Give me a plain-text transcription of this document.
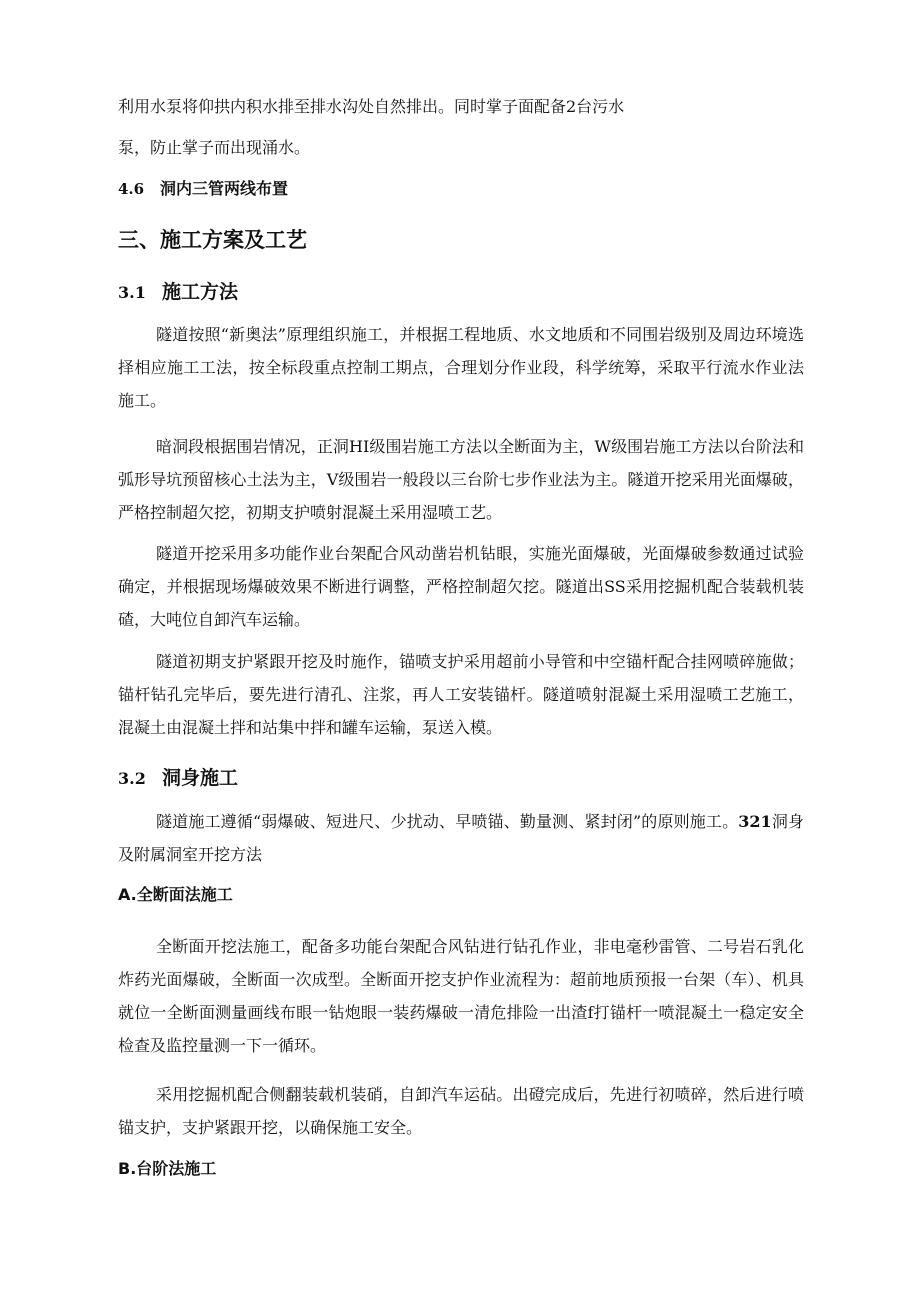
利用水泵将仰拱内积水排至排水沟处自然排出。同时掌子面配备2台污水

泵，防止掌子而出现涌水。

4.6 洞内三管两线布置
三、施工方案及工艺
3.1 施工方法

隧道按照“新奥法”原理组织施工，并根据工程地质、水文地质和不同围岩级别及周边环境选择相应施工工法，按全标段重点控制工期点，合理划分作业段，科学统筹，采取平行流水作业法施工。

暗洞段根据围岩情况，正洞HI级围岩施工方法以全断面为主，W级围岩施工方法以台阶法和弧形导坑预留核心土法为主，V级围岩一般段以三台阶七步作业法为主。隧道开挖采用光面爆破，严格控制超欠挖，初期支护喷射混凝土采用湿喷工艺。

隧道开挖采用多功能作业台架配合风动凿岩机钻眼，实施光面爆破，光面爆破参数通过试验确定，并根据现场爆破效果不断进行调整，严格控制超欠挖。隧道出SS采用挖掘机配合装载机装碴，大吨位自卸汽车运输。

隧道初期支护紧跟开挖及时施作，锚喷支护采用超前小导管和中空锚杆配合挂网喷碎施做；锚杆钻孔完毕后，要先进行清孔、注浆，再人工安装锚杆。隧道喷射混凝土采用湿喷工艺施工，混凝土由混凝土拌和站集中拌和罐车运输，泵送入模。

3.2 洞身施工

隧道施工遵循“弱爆破、短进尺、少扰动、早喷锚、勤量测、紧封闭”的原则施工。321洞身及附属洞室开挖方法

A.全断面法施工

全断面开挖法施工，配备多功能台架配合风钻进行钻孔作业，非电毫秒雷管、二号岩石乳化炸药光面爆破，全断面一次成型。全断面开挖支护作业流程为：超前地质预报一台架（车）、机具就位一全断面测量画线布眼一钻炮眼一装药爆破一清危排险一出渣f打锚杆一喷混凝土一稳定安全检查及监控量测一下一循环。

采用挖掘机配合侧翻装载机装硝，自卸汽车运砧。出磴完成后，先进行初喷碎，然后进行喷锚支护，支护紧跟开挖，以确保施工安全。

B.台阶法施工
